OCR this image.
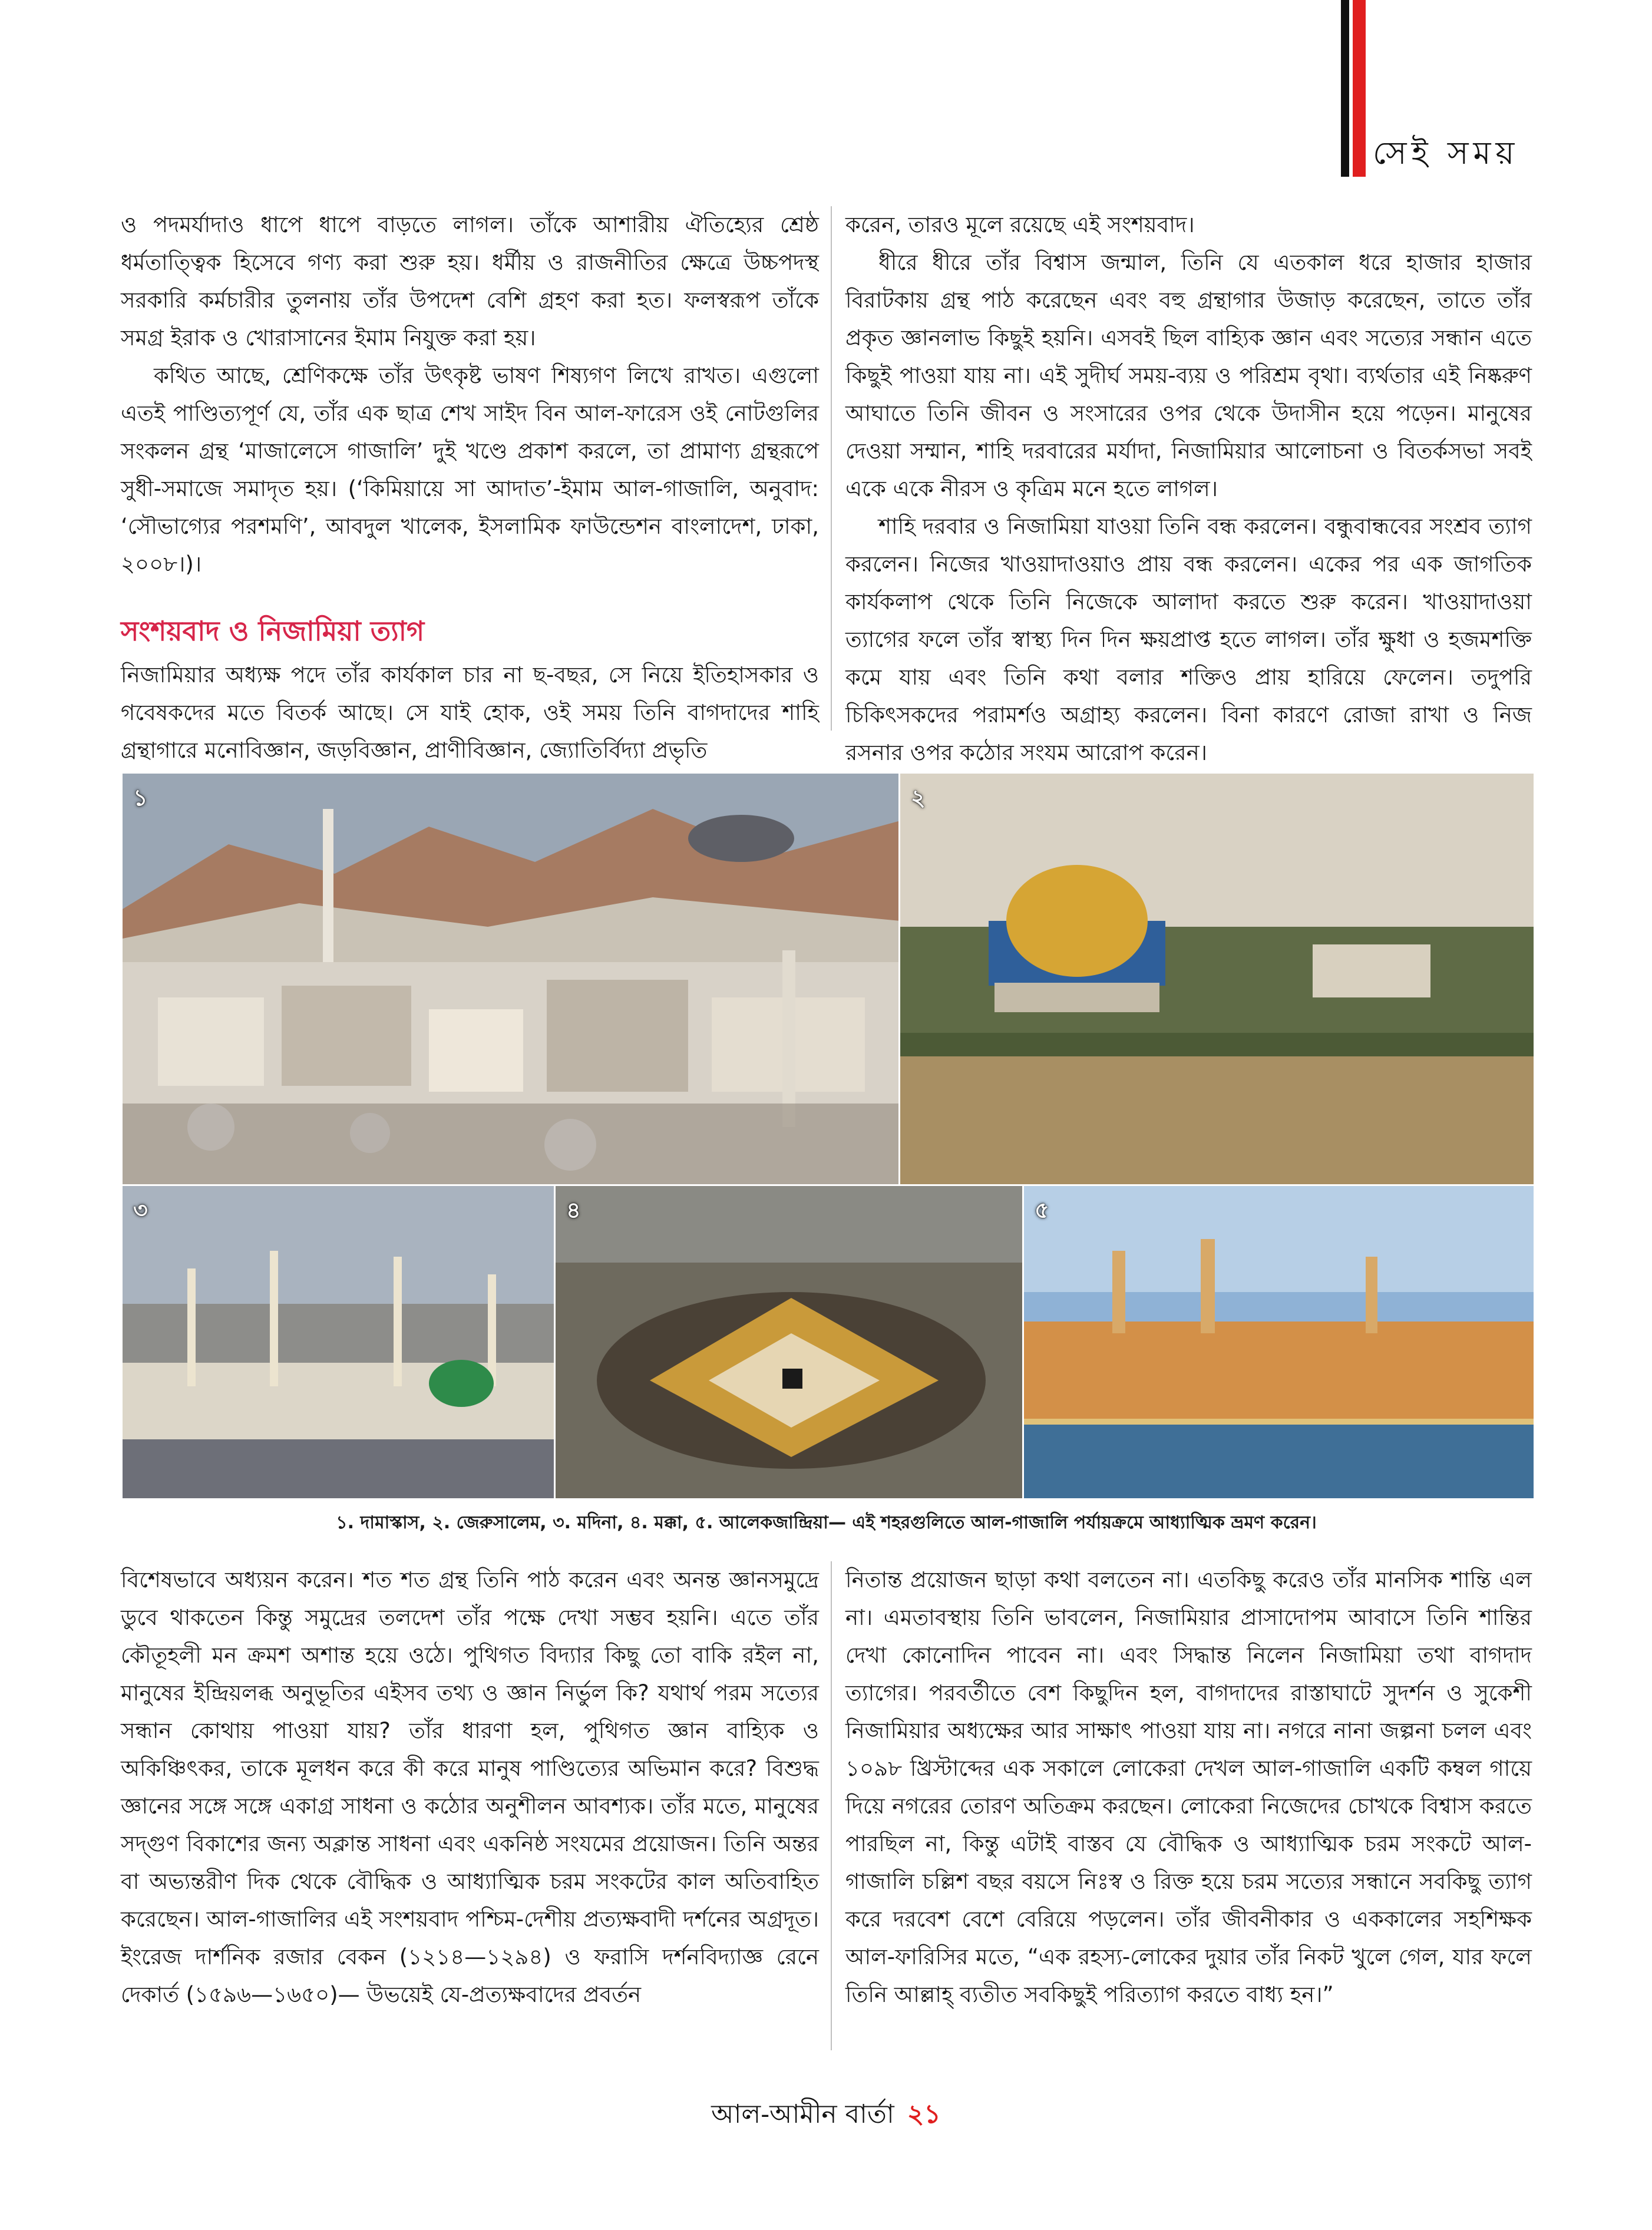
সেই সময়

ও পদমর্যাদাও ধাপে ধাপে বাড়তে লাগল। তাঁকে আশারীয় ঐতিহ্যের শ্রেষ্ঠ ধর্মতাত্ত্বিক হিসেবে গণ্য করা শুরু হয়। ধর্মীয় ও রাজনীতির ক্ষেত্রে উচ্চপদস্থ সরকারি কর্মচারীর তুলনায় তাঁর উপদেশ বেশি গ্রহণ করা হত। ফলস্বরূপ তাঁকে সমগ্র ইরাক ও খোরাসানের ইমাম নিযুক্ত করা হয়।

কথিত আছে, শ্রেণিকক্ষে তাঁর উৎকৃষ্ট ভাষণ শিষ্যগণ লিখে রাখত। এগুলো এতই পাণ্ডিত্যপূর্ণ যে, তাঁর এক ছাত্র শেখ সাইদ বিন আল-ফারেস ওই নোটগুলির সংকলন গ্রন্থ ‘মাজালেসে গাজালি’ দুই খণ্ডে প্রকাশ করলে, তা প্রামাণ্য গ্রন্থরূপে সুধী-সমাজে সমাদৃত হয়। (‘কিমিয়ায়ে সা আদাত’-ইমাম আল-গাজালি, অনুবাদ: ‘সৌভাগ্যের পরশমণি’, আবদুল খালেক, ইসলামিক ফাউন্ডেশন বাংলাদেশ, ঢাকা, ২০০৮।)।

সংশয়বাদ ও নিজামিয়া ত্যাগ

নিজামিয়ার অধ্যক্ষ পদে তাঁর কার্যকাল চার না ছ-বছর, সে নিয়ে ইতিহাসকার ও গবেষকদের মতে বিতর্ক আছে। সে যাই হোক, ওই সময় তিনি বাগদাদের শাহি গ্রন্থাগারে মনোবিজ্ঞান, জড়বিজ্ঞান, প্রাণীবিজ্ঞান, জ্যোতির্বিদ্যা প্রভৃতি

করেন, তারও মূলে রয়েছে এই সংশয়বাদ।

ধীরে ধীরে তাঁর বিশ্বাস জন্মাল, তিনি যে এতকাল ধরে হাজার হাজার বিরাটকায় গ্রন্থ পাঠ করেছেন এবং বহু গ্রন্থাগার উজাড় করেছেন, তাতে তাঁর প্রকৃত জ্ঞানলাভ কিছুই হয়নি। এসবই ছিল বাহ্যিক জ্ঞান এবং সত্যের সন্ধান এতে কিছুই পাওয়া যায় না। এই সুদীর্ঘ সময়-ব্যয় ও পরিশ্রম বৃথা। ব্যর্থতার এই নিষ্করুণ আঘাতে তিনি জীবন ও সংসারের ওপর থেকে উদাসীন হয়ে পড়েন। মানুষের দেওয়া সম্মান, শাহি দরবারের মর্যাদা, নিজামিয়ার আলোচনা ও বিতর্কসভা সবই একে একে নীরস ও কৃত্রিম মনে হতে লাগল।

শাহি দরবার ও নিজামিয়া যাওয়া তিনি বন্ধ করলেন। বন্ধুবান্ধবের সংশ্রব ত্যাগ করলেন। নিজের খাওয়াদাওয়াও প্রায় বন্ধ করলেন। একের পর এক জাগতিক কার্যকলাপ থেকে তিনি নিজেকে আলাদা করতে শুরু করেন। খাওয়াদাওয়া ত্যাগের ফলে তাঁর স্বাস্থ্য দিন দিন ক্ষয়প্রাপ্ত হতে লাগল। তাঁর ক্ষুধা ও হজমশক্তি কমে যায় এবং তিনি কথা বলার শক্তিও প্রায় হারিয়ে ফেলেন। তদুপরি চিকিৎসকদের পরামর্শও অগ্রাহ্য করলেন। বিনা কারণে রোজা রাখা ও নিজ রসনার ওপর কঠোর সংযম আরোপ করেন।

১	২
৩	৪	৫
১. দামাস্কাস, ২. জেরুসালেম, ৩. মদিনা, ৪. মক্কা, ৫. আলেকজান্দ্রিয়া— এই শহরগুলিতে আল-গাজালি পর্যায়ক্রমে আধ্যাত্মিক ভ্রমণ করেন।

বিশেষভাবে অধ্যয়ন করেন। শত শত গ্রন্থ তিনি পাঠ করেন এবং অনন্ত জ্ঞানসমুদ্রে ডুবে থাকতেন কিন্তু সমুদ্রের তলদেশ তাঁর পক্ষে দেখা সম্ভব হয়নি। এতে তাঁর কৌতূহলী মন ক্রমশ অশান্ত হয়ে ওঠে। পুথিগত বিদ্যার কিছু তো বাকি রইল না, মানুষের ইন্দ্রিয়লব্ধ অনুভূতির এইসব তথ্য ও জ্ঞান নির্ভুল কি? যথার্থ পরম সত্যের সন্ধান কোথায় পাওয়া যায়? তাঁর ধারণা হল, পুথিগত জ্ঞান বাহ্যিক ও অকিঞ্চিৎকর, তাকে মূলধন করে কী করে মানুষ পাণ্ডিত্যের অভিমান করে? বিশুদ্ধ জ্ঞানের সঙ্গে সঙ্গে একাগ্র সাধনা ও কঠোর অনুশীলন আবশ্যক। তাঁর মতে, মানুষের সদ্গুণ বিকাশের জন্য অক্লান্ত সাধনা এবং একনিষ্ঠ সংযমের প্রয়োজন। তিনি অন্তর বা অভ্যন্তরীণ দিক থেকে বৌদ্ধিক ও আধ্যাত্মিক চরম সংকটের কাল অতিবাহিত করেছেন। আল-গাজালির এই সংশয়বাদ পশ্চিম-দেশীয় প্রত্যক্ষবাদী দর্শনের অগ্রদূত। ইংরেজ দার্শনিক রজার বেকন (১২১৪—১২৯৪) ও ফরাসি দর্শনবিদ্যাজ্ঞ রেনে দেকার্ত (১৫৯৬—১৬৫০)— উভয়েই যে-প্রত্যক্ষবাদের প্রবর্তন

নিতান্ত প্রয়োজন ছাড়া কথা বলতেন না। এতকিছু করেও তাঁর মানসিক শান্তি এল না। এমতাবস্থায় তিনি ভাবলেন, নিজামিয়ার প্রাসাদোপম আবাসে তিনি শান্তির দেখা কোনোদিন পাবেন না। এবং সিদ্ধান্ত নিলেন নিজামিয়া তথা বাগদাদ ত্যাগের। পরবর্তীতে বেশ কিছুদিন হল, বাগদাদের রাস্তাঘাটে সুদর্শন ও সুকেশী নিজামিয়ার অধ্যক্ষের আর সাক্ষাৎ পাওয়া যায় না। নগরে নানা জল্পনা চলল এবং ১০৯৮ খ্রিস্টাব্দের এক সকালে লোকেরা দেখল আল-গাজালি একটি কম্বল গায়ে দিয়ে নগরের তোরণ অতিক্রম করছেন। লোকেরা নিজেদের চোখকে বিশ্বাস করতে পারছিল না, কিন্তু এটাই বাস্তব যে বৌদ্ধিক ও আধ্যাত্মিক চরম সংকটে আল-গাজালি চল্লিশ বছর বয়সে নিঃস্ব ও রিক্ত হয়ে চরম সত্যের সন্ধানে সবকিছু ত্যাগ করে দরবেশ বেশে বেরিয়ে পড়লেন। তাঁর জীবনীকার ও এককালের সহশিক্ষক আল-ফারিসির মতে, “এক রহস্য-লোকের দুয়ার তাঁর নিকট খুলে গেল, যার ফলে তিনি আল্লাহ্ ব্যতীত সবকিছুই পরিত্যাগ করতে বাধ্য হন।”

আল-আমীন বার্তা ২১
